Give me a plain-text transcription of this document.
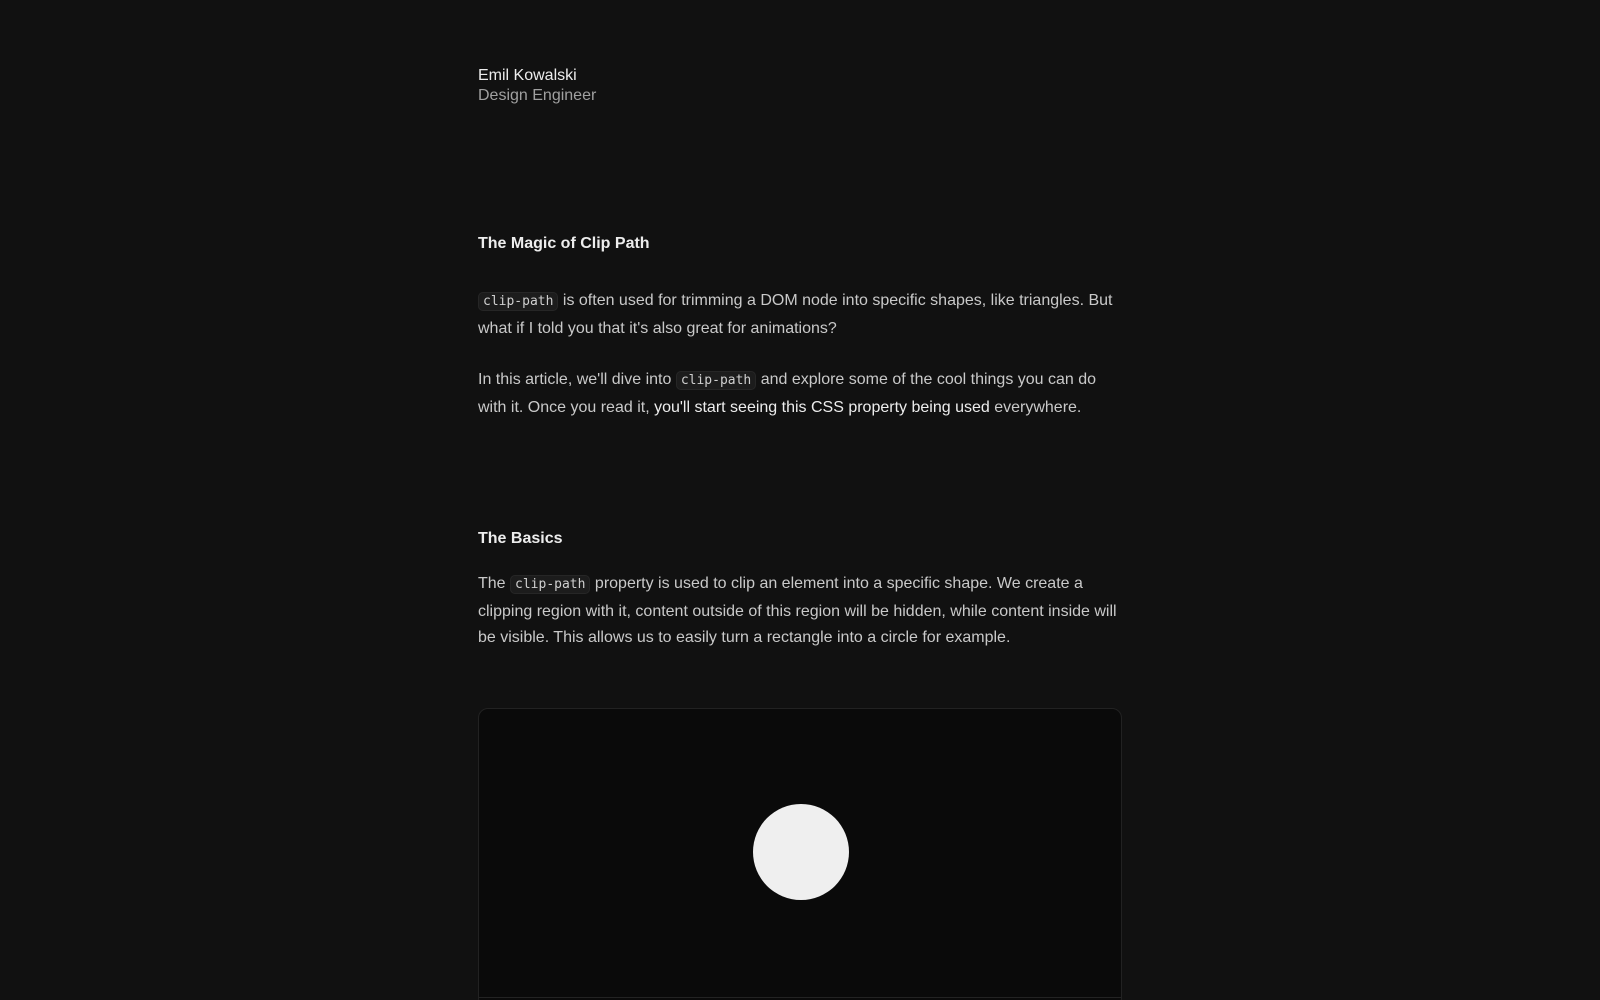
Emil Kowalski
Design Engineer
The Magic of Clip Path

clip-path is often used for trimming a DOM node into specific shapes, like triangles. But what if I told you that it's also great for animations?

In this article, we'll dive into clip-path and explore some of the cool things you can do with it. Once you read it, you'll start seeing this CSS property being used everywhere.

The Basics

The clip-path property is used to clip an element into a specific shape. We create a clipping region with it, content outside of this region will be hidden, while content inside will be visible. This allows us to easily turn a rectangle into a circle for example.
